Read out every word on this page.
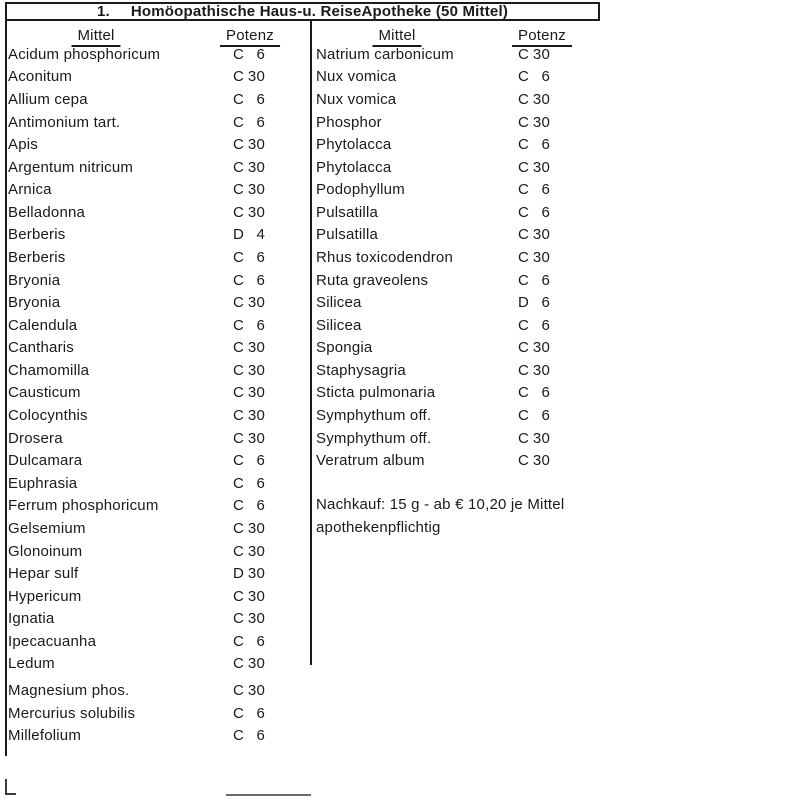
1. Homöopathische Haus-u. ReiseApotheke (50 Mittel)
Mittel	Potenz	Mittel	Potenz
Acidum phosphoricum	C 6
Aconitum	C 30
Allium cepa	C 6
Antimonium tart.	C 6
Apis	C 30
Argentum nitricum	C 30
Arnica	C 30
Belladonna	C 30
Berberis	D 4
Berberis	C 6
Bryonia	C 6
Bryonia	C 30
Calendula	C 6
Cantharis	C 30
Chamomilla	C 30
Causticum	C 30
Colocynthis	C 30
Drosera	C 30
Dulcamara	C 6
Euphrasia	C 6
Ferrum phosphoricum	C 6
Gelsemium	C 30
Glonoinum	C 30
Hepar sulf	D 30
Hypericum	C 30
Ignatia	C 30
Ipecacuanha	C 6
Ledum	C 30
Magnesium phos.	C 30
Mercurius solubilis	C 6
Millefolium	C 6
Natrium carbonicum	C 30
Nux vomica	C 6
Nux vomica	C 30
Phosphor	C 30
Phytolacca	C 6
Phytolacca	C 30
Podophyllum	C 6
Pulsatilla	C 6
Pulsatilla	C 30
Rhus toxicodendron	C 30
Ruta graveolens	C 6
Silicea	D 6
Silicea	C 6
Spongia	C 30
Staphysagria	C 30
Sticta pulmonaria	C 6
Symphythum off.	C 6
Symphythum off.	C 30
Veratrum album	C 30
Nachkauf: 15 g - ab € 10,20 je Mittel
apothekenpflichtig
